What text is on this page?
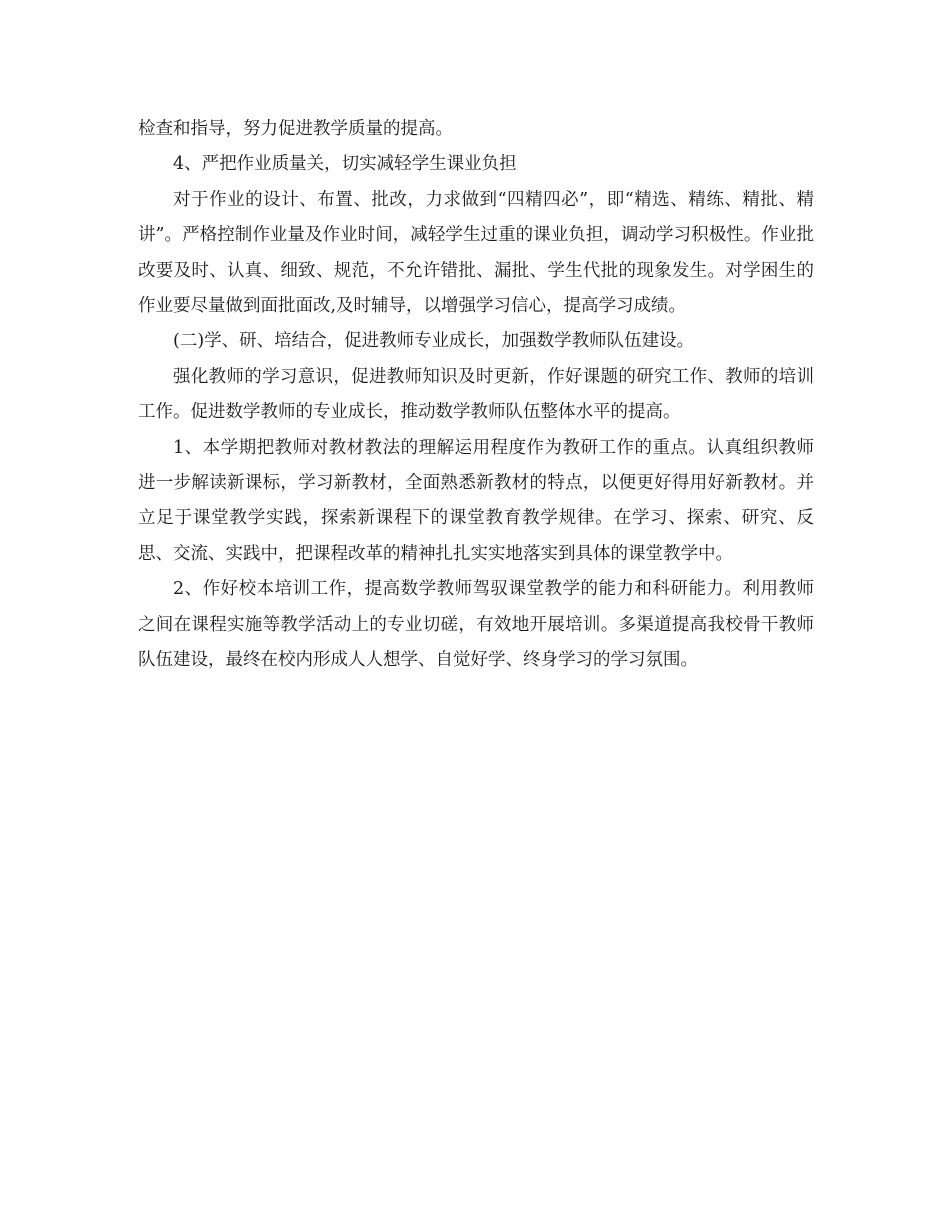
检查和指导，努力促进教学质量的提高。

4、严把作业质量关，切实减轻学生课业负担

对于作业的设计、布置、批改，力求做到“四精四必”，即“精选、精练、精批、精讲”。严格控制作业量及作业时间，减轻学生过重的课业负担，调动学习积极性。作业批改要及时、认真、细致、规范，不允许错批、漏批、学生代批的现象发生。对学困生的作业要尽量做到面批面改,及时辅导，以增强学习信心，提高学习成绩。

(二)学、研、培结合，促进教师专业成长，加强数学教师队伍建设。

强化教师的学习意识，促进教师知识及时更新，作好课题的研究工作、教师的培训工作。促进数学教师的专业成长，推动数学教师队伍整体水平的提高。

1、本学期把教师对教材教法的理解运用程度作为教研工作的重点。认真组织教师进一步解读新课标，学习新教材，全面熟悉新教材的特点，以便更好得用好新教材。并立足于课堂教学实践，探索新课程下的课堂教育教学规律。在学习、探索、研究、反思、交流、实践中，把课程改革的精神扎扎实实地落实到具体的课堂教学中。

2、作好校本培训工作，提高数学教师驾驭课堂教学的能力和科研能力。利用教师之间在课程实施等教学活动上的专业切磋，有效地开展培训。多渠道提高我校骨干教师队伍建设，最终在校内形成人人想学、自觉好学、终身学习的学习氛围。
